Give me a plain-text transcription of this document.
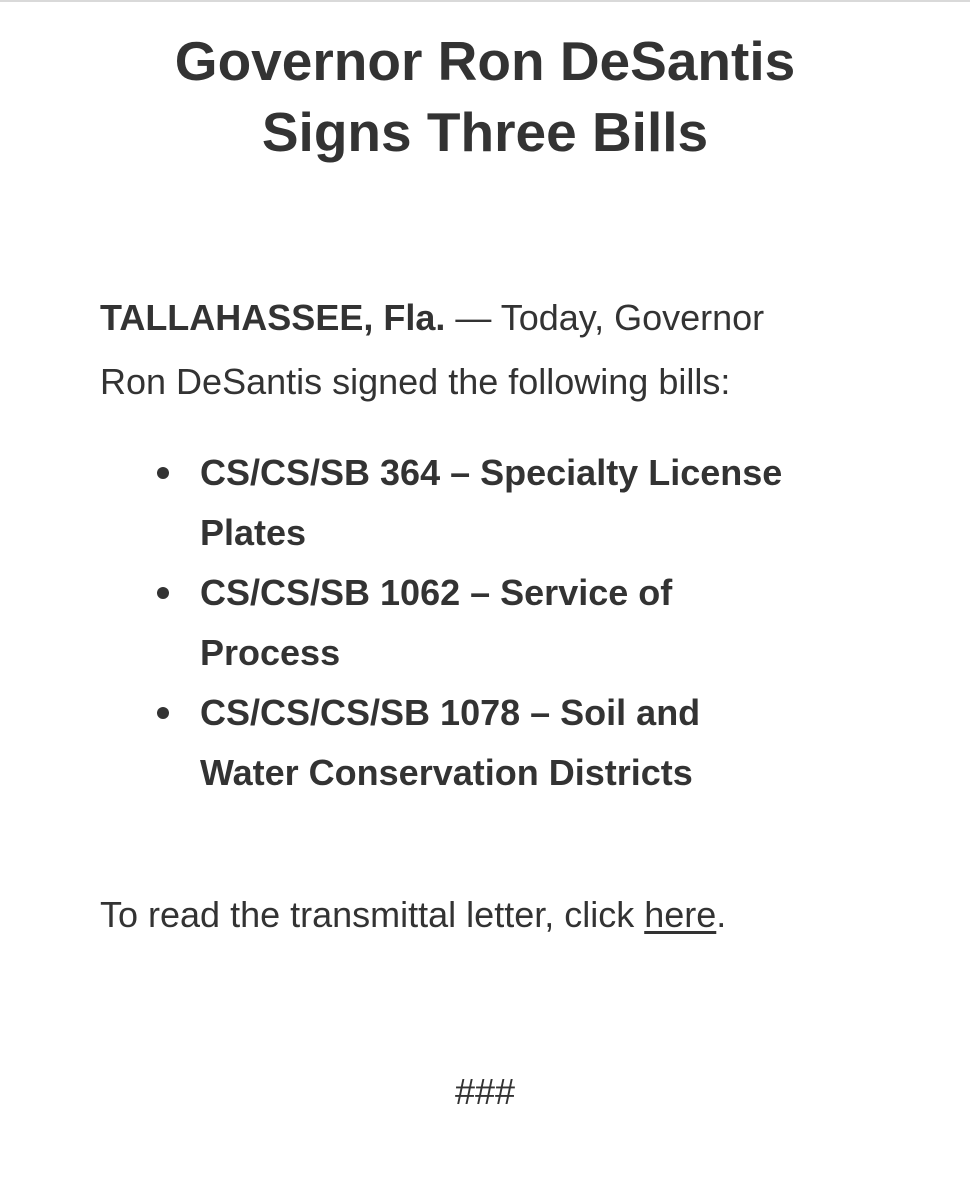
Governor Ron DeSantis
Signs Three Bills
TALLAHASSEE, Fla. — Today, Governor
Ron DeSantis signed the following bills:
CS/CS/SB 364 – Specialty License
Plates
CS/CS/SB 1062 – Service of
Process
CS/CS/CS/SB 1078 – Soil and
Water Conservation Districts
To read the transmittal letter, click here.
###
